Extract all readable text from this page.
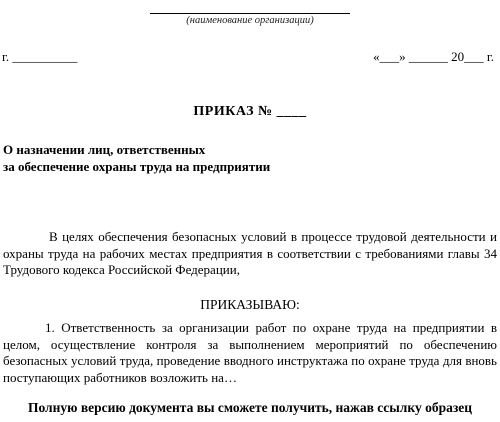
(наименование организации)
г. __________	«___» ______ 20___ г.
ПРИКАЗ № ____
О назначении лиц, ответственных
за обеспечение охраны труда на предприятии
В целях обеспечения безопасных условий в процессе трудовой деятельности и охраны труда на рабочих местах предприятия в соответствии с требованиями главы 34 Трудового кодекса Российской Федерации,
ПРИКАЗЫВАЮ:
1. Ответственность за организации работ по охране труда на предприятии в целом, осуществление контроля за выполнением мероприятий по обеспечению безопасных условий труда, проведение вводного инструктажа по охране труда для вновь поступающих работников возложить на…
Полную версию документа вы сможете получить, нажав ссылку образец
